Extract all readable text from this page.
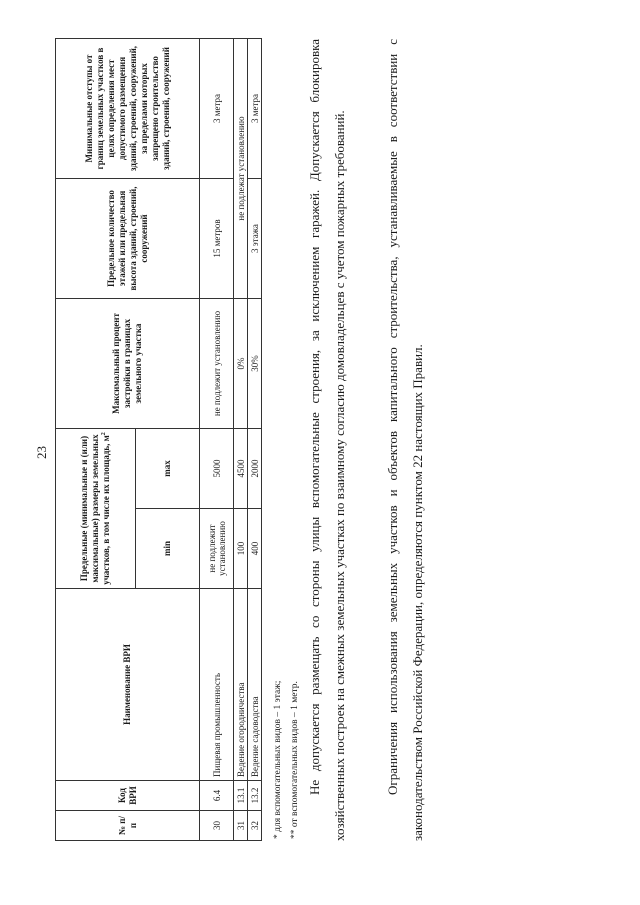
23
№ п/п	Код ВРИ	Наименование ВРИ	Предельные (минимальные и (или) максимальные) размеры земельных участков, в том числе их площадь, $м^2$		Максимальный процент застройки в границах земельного участка	Предельное количество этажей или предельная высота зданий, строений, сооружений	Минимальные отступы от границ земельных участков в целях определения мест допустимого размещения зданий, строений, сооружений, за пределами которых запрещено строительство зданий, строений, сооружений
			min	max			
30	6.4	Пищевая промышленность	не подлежит установлению	5000	не подлежит установлению	15 метров	3 метра
31	13.1	Ведение огородничества	100	4500	0%	не подлежат установлению	
32	13.2	Ведение садоводства	400	2000	30%	3 этажа	3 метра
* для вспомогательных видов – 1 этаж; ** от вспомогательных видов – 1 метр. Не допускается размещать со стороны улицы вспомогательные строения, за исключением гаражей. Допускается блокировка хозяйственных построек на смежных земельных участках по взаимному согласию домовладельцев с учетом пожарных требований.	Ограничения использования земельных участков и объектов капитального строительства, устанавливаемые в соответствии с законодательством Российской Федерации, определяются пунктом 22 настоящих Правил.
